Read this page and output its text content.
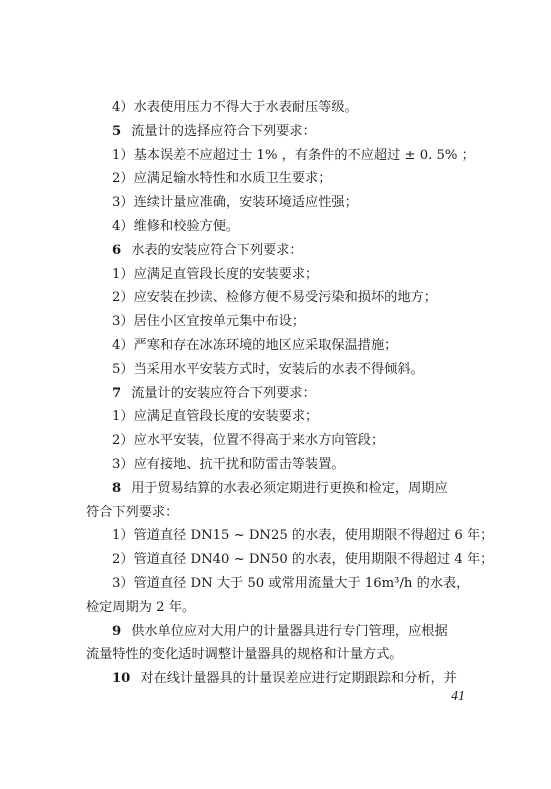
4）水表使用压力不得大于水表耐压等级。
5 流量计的选择应符合下列要求：
1）基本误差不应超过士 1% ，有条件的不应超过 ± 0. 5% ；
2）应满足输水特性和水质卫生要求；
3）连续计量应准确，安装环境适应性强；
4）维修和校验方便。
6 水表的安装应符合下列要求：
1）应满足直管段长度的安装要求；
2）应安装在抄读、检修方便不易受污染和损坏的地方；
3）居住小区宜按单元集中布设；
4）严寒和存在冰冻环境的地区应采取保温措施；
5）当采用水平安装方式时，安装后的水表不得倾斜。
7 流量计的安装应符合下列要求：
1）应满足直管段长度的安装要求；
2）应水平安装，位置不得高于来水方向管段；
3）应有接地、抗干扰和防雷击等装置。
8 用于贸易结算的水表必须定期进行更换和检定，周期应
符合下列要求：
1）管道直径 DN15 ~ DN25 的水表，使用期限不得超过 6 年；
2）管道直径 DN40 ~ DN50 的水表，使用期限不得超过 4 年；
3）管道直径 DN 大于 50 或常用流量大于 16m³/h 的水表，
检定周期为 2 年。
9 供水单位应对大用户的计量器具进行专门管理，应根据
流量特性的变化适时调整计量器具的规格和计量方式。
10 对在线计量器具的计量误差应进行定期跟踪和分析，并
41
